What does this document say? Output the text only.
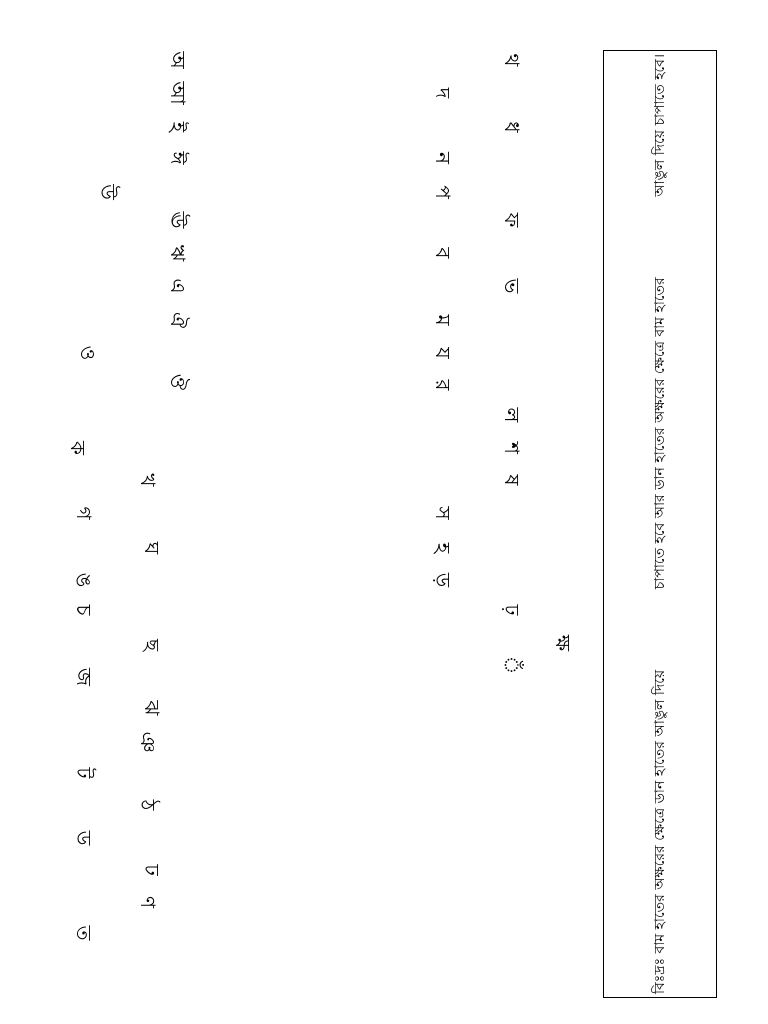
অ
আ
ই
ঈ
উ
ঊ
ঋ
এ
ঐ
ও
ঔ
ক
খ
গ
ঘ
ঙ
চ
ছ
জ
ঝ
ঞ
ট
ঠ
ড
ঢ
ণ
ত
থ
দ
ধ
ন
প
ফ
ব
ভ
ম
য
র
ল
শ
ষ
স
হ
ড়
ঢ়
ঁ
ক্ষ
বিঃদ্রঃ বাম হাতের অক্ষরের ক্ষেত্রে ডান হাতের আঙুল দিয়ে
চাপাতে হবে আর ডান হাতের অক্ষরের ক্ষেত্রে বাম হাতের
আঙুল দিয়ে চাপাতে হবে।
